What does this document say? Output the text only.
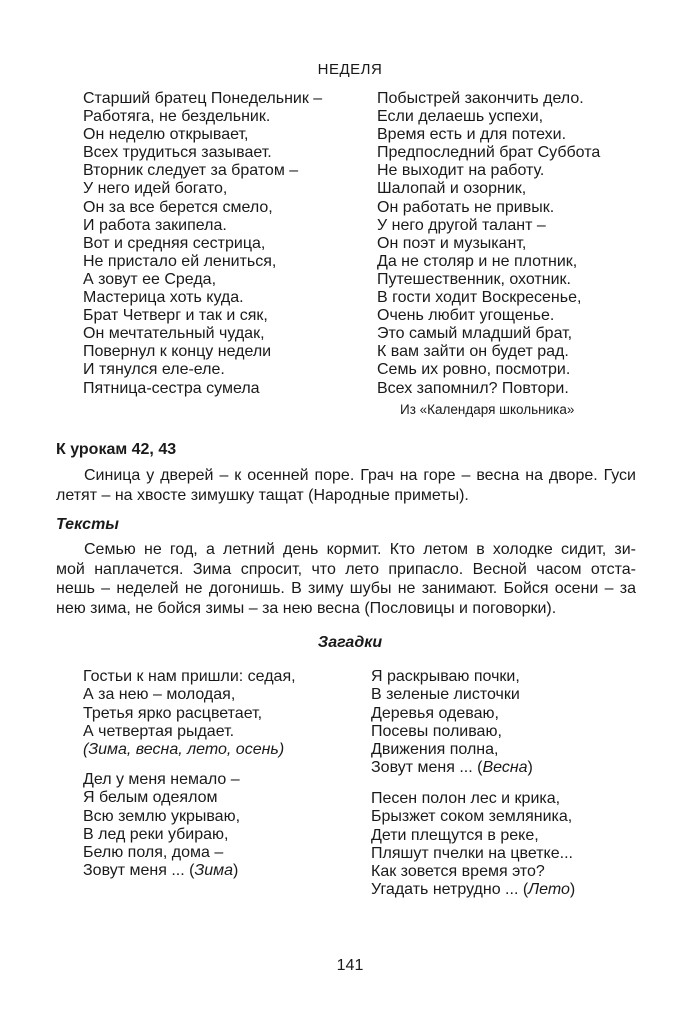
НЕДЕЛЯ
Старший братец Понедельник –
Работяга, не бездельник.
Он неделю открывает,
Всех трудиться зазывает.
Вторник следует за братом –
У него идей богато,
Он за все берется смело,
И работа закипела.
Вот и средняя сестрица,
Не пристало ей лениться,
А зовут ее Среда,
Мастерица хоть куда.
Брат Четверг и так и сяк,
Он мечтательный чудак,
Повернул к концу недели
И тянулся еле-еле.
Пятница-сестра сумела
Побыстрей закончить дело.
Если делаешь успехи,
Время есть и для потехи.
Предпоследний брат Суббота
Не выходит на работу.
Шалопай и озорник,
Он работать не привык.
У него другой талант –
Он поэт и музыкант,
Да не столяр и не плотник,
Путешественник, охотник.
В гости ходит Воскресенье,
Очень любит угощенье.
Это самый младший брат,
К вам зайти он будет рад.
Семь их ровно, посмотри.
Всех запомнил? Повтори.
Из «Календаря школьника»
К урокам 42, 43
Синица у дверей – к осенней поре. Грач на горе – весна на дворе. Гуси
летят – на хвосте зимушку тащат (Народные приметы).
Тексты
Семью не год, а летний день кормит. Кто летом в холодке сидит, зи-
мой наплачется. Зима спросит, что лето припасло. Весной часом отста-
нешь – неделей не догонишь. В зиму шубы не занимают. Бойся осени – за
нею зима, не бойся зимы – за нею весна (Пословицы и поговорки).
Загадки
Гостьи к нам пришли: седая,
А за нею – молодая,
Третья ярко расцветает,
А четвертая рыдает.
(Зима, весна, лето, осень)
Дел у меня немало –
Я белым одеялом
Всю землю укрываю,
В лед реки убираю,
Белю поля, дома –
Зовут меня ... (Зима)
Я раскрываю почки,
В зеленые листочки
Деревья одеваю,
Посевы поливаю,
Движения полна,
Зовут меня ... (Весна)
Песен полон лес и крика,
Брызжет соком земляника,
Дети плещутся в реке,
Пляшут пчелки на цветке...
Как зовется время это?
Угадать нетрудно ... (Лето)
141
